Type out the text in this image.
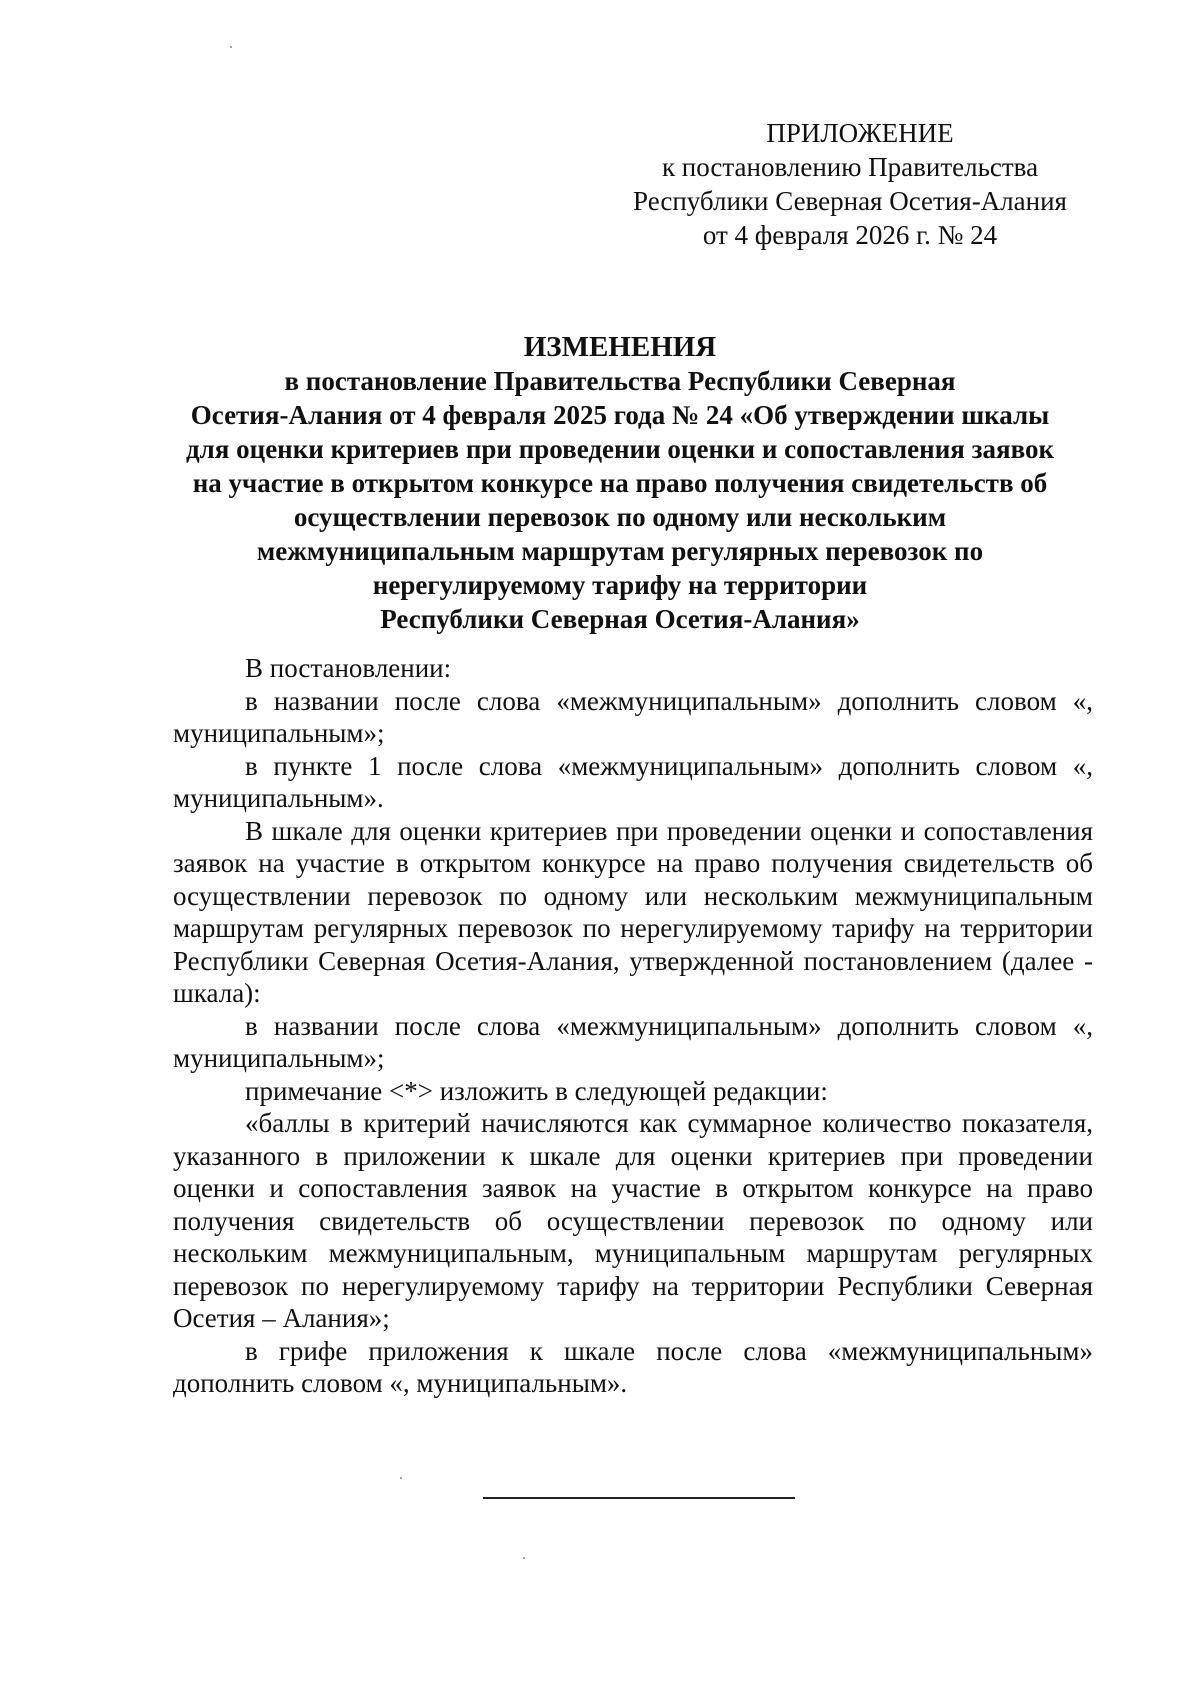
ПРИЛОЖЕНИЕ
к постановлению Правительства
Республики Северная Осетия-Алания
от 4 февраля 2026 г. № 24
ИЗМЕНЕНИЯ
в постановление Правительства Республики Северная
Осетия-Алания от 4 февраля 2025 года № 24 «Об утверждении шкалы
для оценки критериев при проведении оценки и сопоставления заявок
на участие в открытом конкурсе на право получения свидетельств об
осуществлении перевозок по одному или нескольким
межмуниципальным маршрутам регулярных перевозок по
нерегулируемому тарифу на территории
Республики Северная Осетия-Алания»

В постановлении:

в названии после слова «межмуниципальным» дополнить словом «, муниципальным»;

в пункте 1 после слова «межмуниципальным» дополнить словом «, муниципальным».

В шкале для оценки критериев при проведении оценки и сопоставления заявок на участие в открытом конкурсе на право получения свидетельств об осуществлении перевозок по одному или нескольким межмуниципальным маршрутам регулярных перевозок по нерегулируемому тарифу на территории Республики Северная Осетия-Алания, утвержденной постановлением (далее - шкала):

в названии после слова «межмуниципальным» дополнить словом «, муниципальным»;

примечание <*> изложить в следующей редакции:

«баллы в критерий начисляются как суммарное количество показателя, указанного в приложении к шкале для оценки критериев при проведении оценки и сопоставления заявок на участие в открытом конкурсе на право получения свидетельств об осуществлении перевозок по одному или нескольким межмуниципальным, муниципальным маршрутам регулярных перевозок по нерегулируемому тарифу на территории Республики Северная Осетия – Алания»;

в грифе приложения к шкале после слова «межмуниципальным» дополнить словом «, муниципальным».
